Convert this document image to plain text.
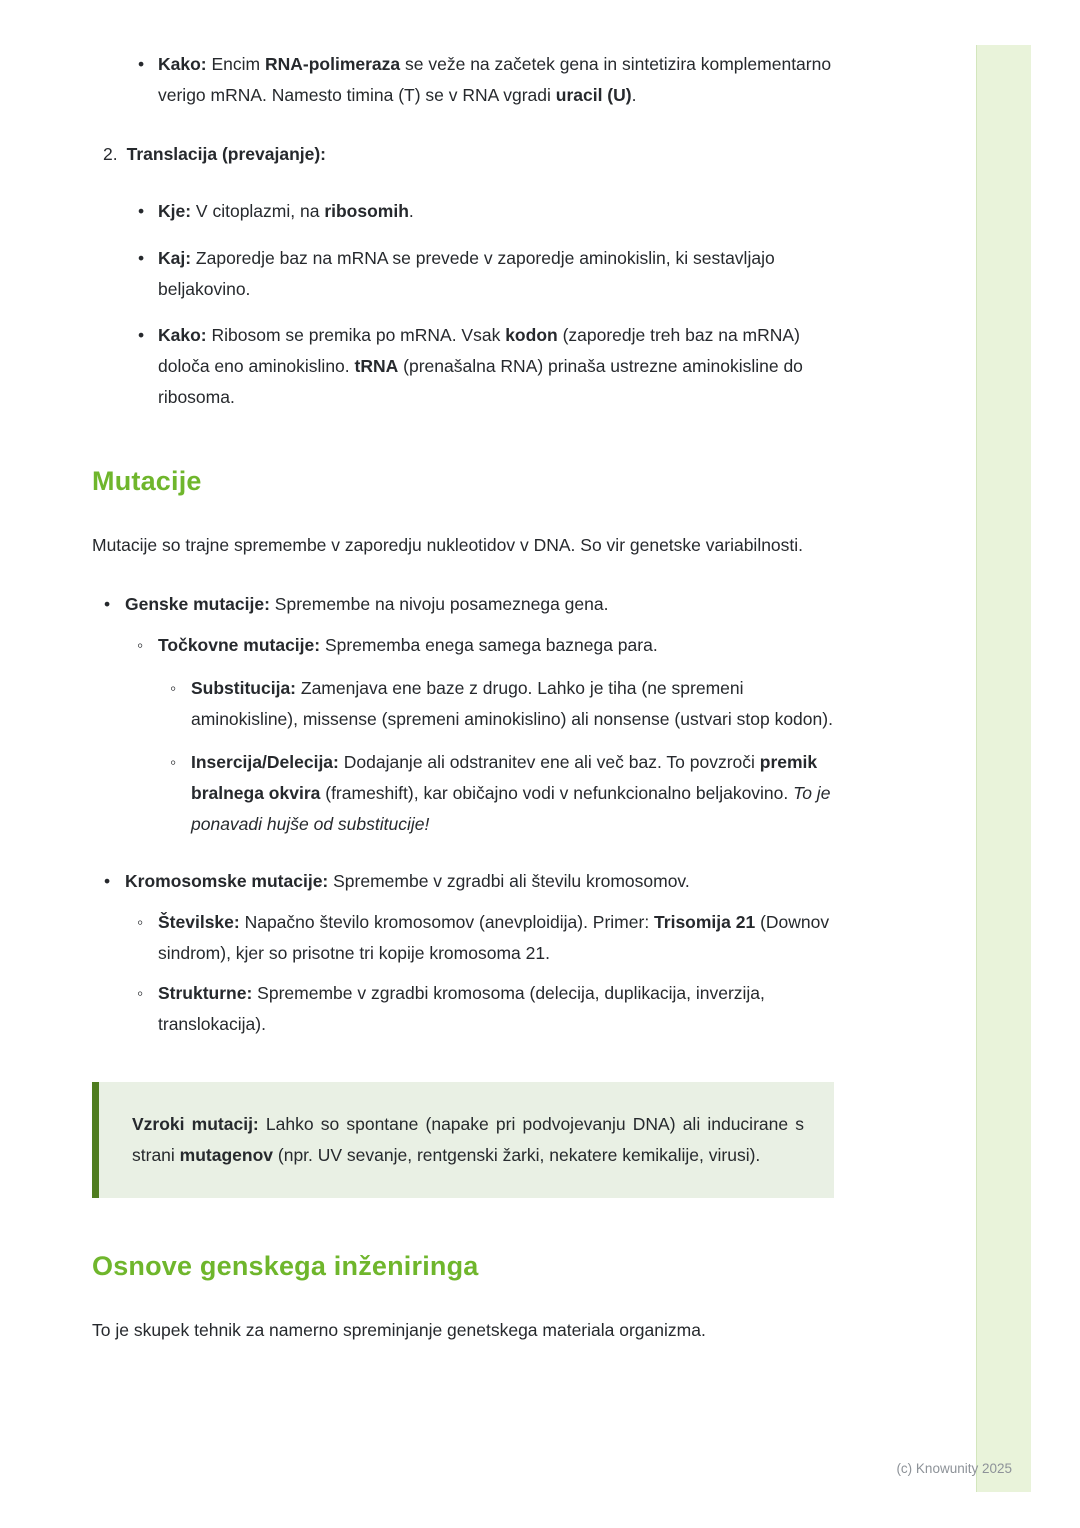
• Kako: Encim RNA-polimeraza se veže na začetek gena in sintetizira komplementarno verigo mRNA. Namesto timina (T) se v RNA vgradi uracil (U).
2. Translacija (prevajanje):
• Kje: V citoplazmi, na ribosomih.
• Kaj: Zaporedje baz na mRNA se prevede v zaporedje aminokislin, ki sestavljajo beljakovino.
• Kako: Ribosom se premika po mRNA. Vsak kodon (zaporedje treh baz na mRNA) določa eno aminokislino. tRNA (prenašalna RNA) prinaša ustrezne aminokisline do ribosoma.
Mutacije

Mutacije so trajne spremembe v zaporedju nukleotidov v DNA. So vir genetske variabilnosti.

• Genske mutacije: Spremembe na nivoju posameznega gena.
◦ Točkovne mutacije: Sprememba enega samega baznega para.
◦ Substitucija: Zamenjava ene baze z drugo. Lahko je tiha (ne spremeni aminokisline), missense (spremeni aminokislino) ali nonsense (ustvari stop kodon).
◦ Insercija/Delecija: Dodajanje ali odstranitev ene ali več baz. To povzroči premik bralnega okvira (frameshift), kar običajno vodi v nefunkcionalno beljakovino. To je ponavadi hujše od substitucije!
• Kromosomske mutacije: Spremembe v zgradbi ali številu kromosomov.
◦ Številske: Napačno število kromosomov (anevploidija). Primer: Trisomija 21 (Downov sindrom), kjer so prisotne tri kopije kromosoma 21.
◦ Strukturne: Spremembe v zgradbi kromosoma (delecija, duplikacija, inverzija, translokacija).
Vzroki mutacij: Lahko so spontane (napake pri podvojevanju DNA) ali inducirane s strani mutagenov (npr. UV sevanje, rentgenski žarki, nekatere kemikalije, virusi).
Osnove genskega inženiringa

To je skupek tehnik za namerno spreminjanje genetskega materiala organizma.

(c) Knowunity 2025
